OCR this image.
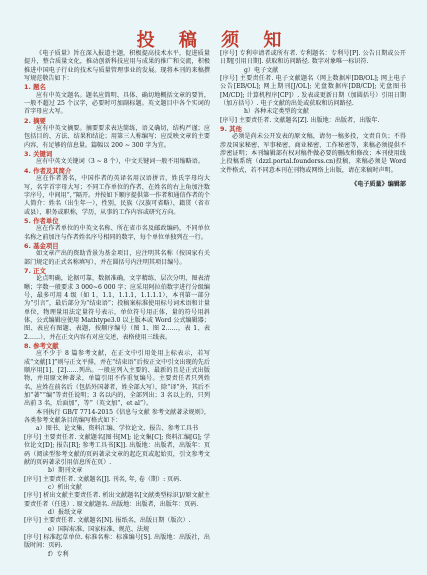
投 稿 须 知

《电子质量》旨在深入报道主题，积极提高技术水平，促进质量提升，整合质量文化，推动创新科技应用与成果的推广和交流，积极推进中国电子行业的技术与质量管理事业的发展。现将本刊的来稿撰写规范敬告如下：

1. 题名

应有中英文题名。题名应简明、具体、确切地概括文章的要旨，一般不超过 25 个汉字，必要时可加副标题。英文题目中各个实词的首字母应大写。

2. 摘要

应有中英文摘要。摘要要求表达简练，语义确切，结构严谨；应包括目的、方法、结果和结论；用第三人称编写；应反映文章的主要内容，有足够的信息量。篇幅以 200 ~ 300 字为宜。

3. 关键词

应有中英文关键词（3 ~ 8 个），中文关键词一般不用缩略语。

4. 作者及其简介

应在作者署名，中国作者的英译名用汉语拼音，姓氏字母均大写，名字首字母大写；不同工作单位的作者，在姓名的右上角加注数字序号，中间用“，”隔开。并按如下顺序提供第一作者和通信作者的个人简介：姓名（出生年一），性别，民族（汉族可省略），籍贯（省市或县），职务或职称，学历，从事的工作内容或研究方向。

5. 作者单位

应在作者单位的中英文名称、所在省市名及邮政编码，不同单位名称之前加注与作者姓名序号相同的数字，每个单位单独列在一行。

6. 基金项目

如文章产出的资助背景为基金项目，应注明其名称（按国家有关部门规定的正式名称填写），并在圆括号内注明其项目编号。

7. 正文

论点明确，论据可靠，数据准确，文字精练，层次分明，图表清晰；字数一般要求 3 000~6 000 字；应采用阿拉伯数字进行分级编号，最多可用 4 级（如 1，1.1，1.1.1，1.1.1.1），本刊第一部分为“引言”，最后部分为“结束语”；投稿案标准使用标号词术语和计量单位，物理量用法定量符号表示，单位符号用正体，量的符号用斜体，公式编辑应使用 Mathtype3.0 以上版本或 Word 公式编辑器；图、表应有图题、表题，按顺序编号（图 1、图 2……，表 1、表 2……），并在正文内容有对应交述，表格使用三线表。

8. 参考文献

应不少于 8 篇参考文献，在正文中引用处用上标表示，若写成“文献[1]”则与正文平排，并在“结束语”后按正文中引文出现的先后顺序用[1]、[2]……列出。一般应列入主要的、最新的且是正式出版物，并用原文种著录，单篇引用不作重复编号。主要责任者只列姓名，应姓在前名后（包括外国著者，姓全部大写），除“译”外，其后不加“著”“编”等责任说明；3 名以内的，全部列出；3 名以上的，只列出前 3 名，后面加“，等”（英文加“，et al”）。

本刊执行 GB/T 7714-2015《信息与文献 参考文献著录规则》，各类参考文献条目的编写格式如下：

a）图书、论文集、资料汇编、学位论文、报告、参考工具书

[序号] 主要责任者. 文献题名[图书[M]; 论文集[C]; 资料汇编[G]; 学位论文[D]; 报告[R]; 参考工具书[K]]. 出版地：出版者，出版年：页码（阅读型参考文献的页码著录文章的起讫页或起始页，引文参考文献的页码著录引用信息所在页）.

b）期刊文章

[序号] 主要责任者. 文献题名[J]. 刊名, 年, 卷（期）: 页码.

c）析出文献

[序号] 析出文献主要责任者. 析出文献题名[文献类型标识]//原文献主要责任者（任选）. 原文献题名. 出版地：出版者，出版年：页码.

d）报纸文章

[序号] 主要责任者. 文献题名[N]. 报纸名，出版日期（版次）.

e）国际标准、国家标准、规范、法规

[序号] 标准起草单位. 标准名称：标准编号[S]. 出版地：出版社，出版时间：页码.

f）专利

[序号] 专利申请者或所有者. 专利题名：专利号[P]. 公告日期或公开日期[引用日期]. 获取和访问路径. 数字对象唯一标识符.

g）电子文献

[序号] 主要责任者. 电子文献题名（网上数据库[DB/OL]; 网上电子公告[EB/OL]; 网上期刊[J/OL]; 光盘数据库[DB/CD]; 光盘图书[M/CD]; 计算机程序[CP]）. 发表或更新日期（加圆括号）引用日期（加方括号）. 电子文献的出处或获取和访问路径.

h）各种未定类型的文献

[序号] 主要责任者. 文献题名[Z]. 出版地：出版者，出版年.

9. 其他

必须是尚未公开发表的原文稿，请勿一稿多投，文责自负；不得涉及国家秘密、军事秘密、商业秘密、工作秘密等，来稿必须提供不涉密证明；本刊编辑部有权对稿件做必要的删改和修改；本刊使用线上投稿系统（dzzl.portal.founderss.cn)投稿，来稿必须是 Word 文件格式，若不同意本刊在刊物或网络上出版，请在来稿时声明。

《电子质量》编辑部
